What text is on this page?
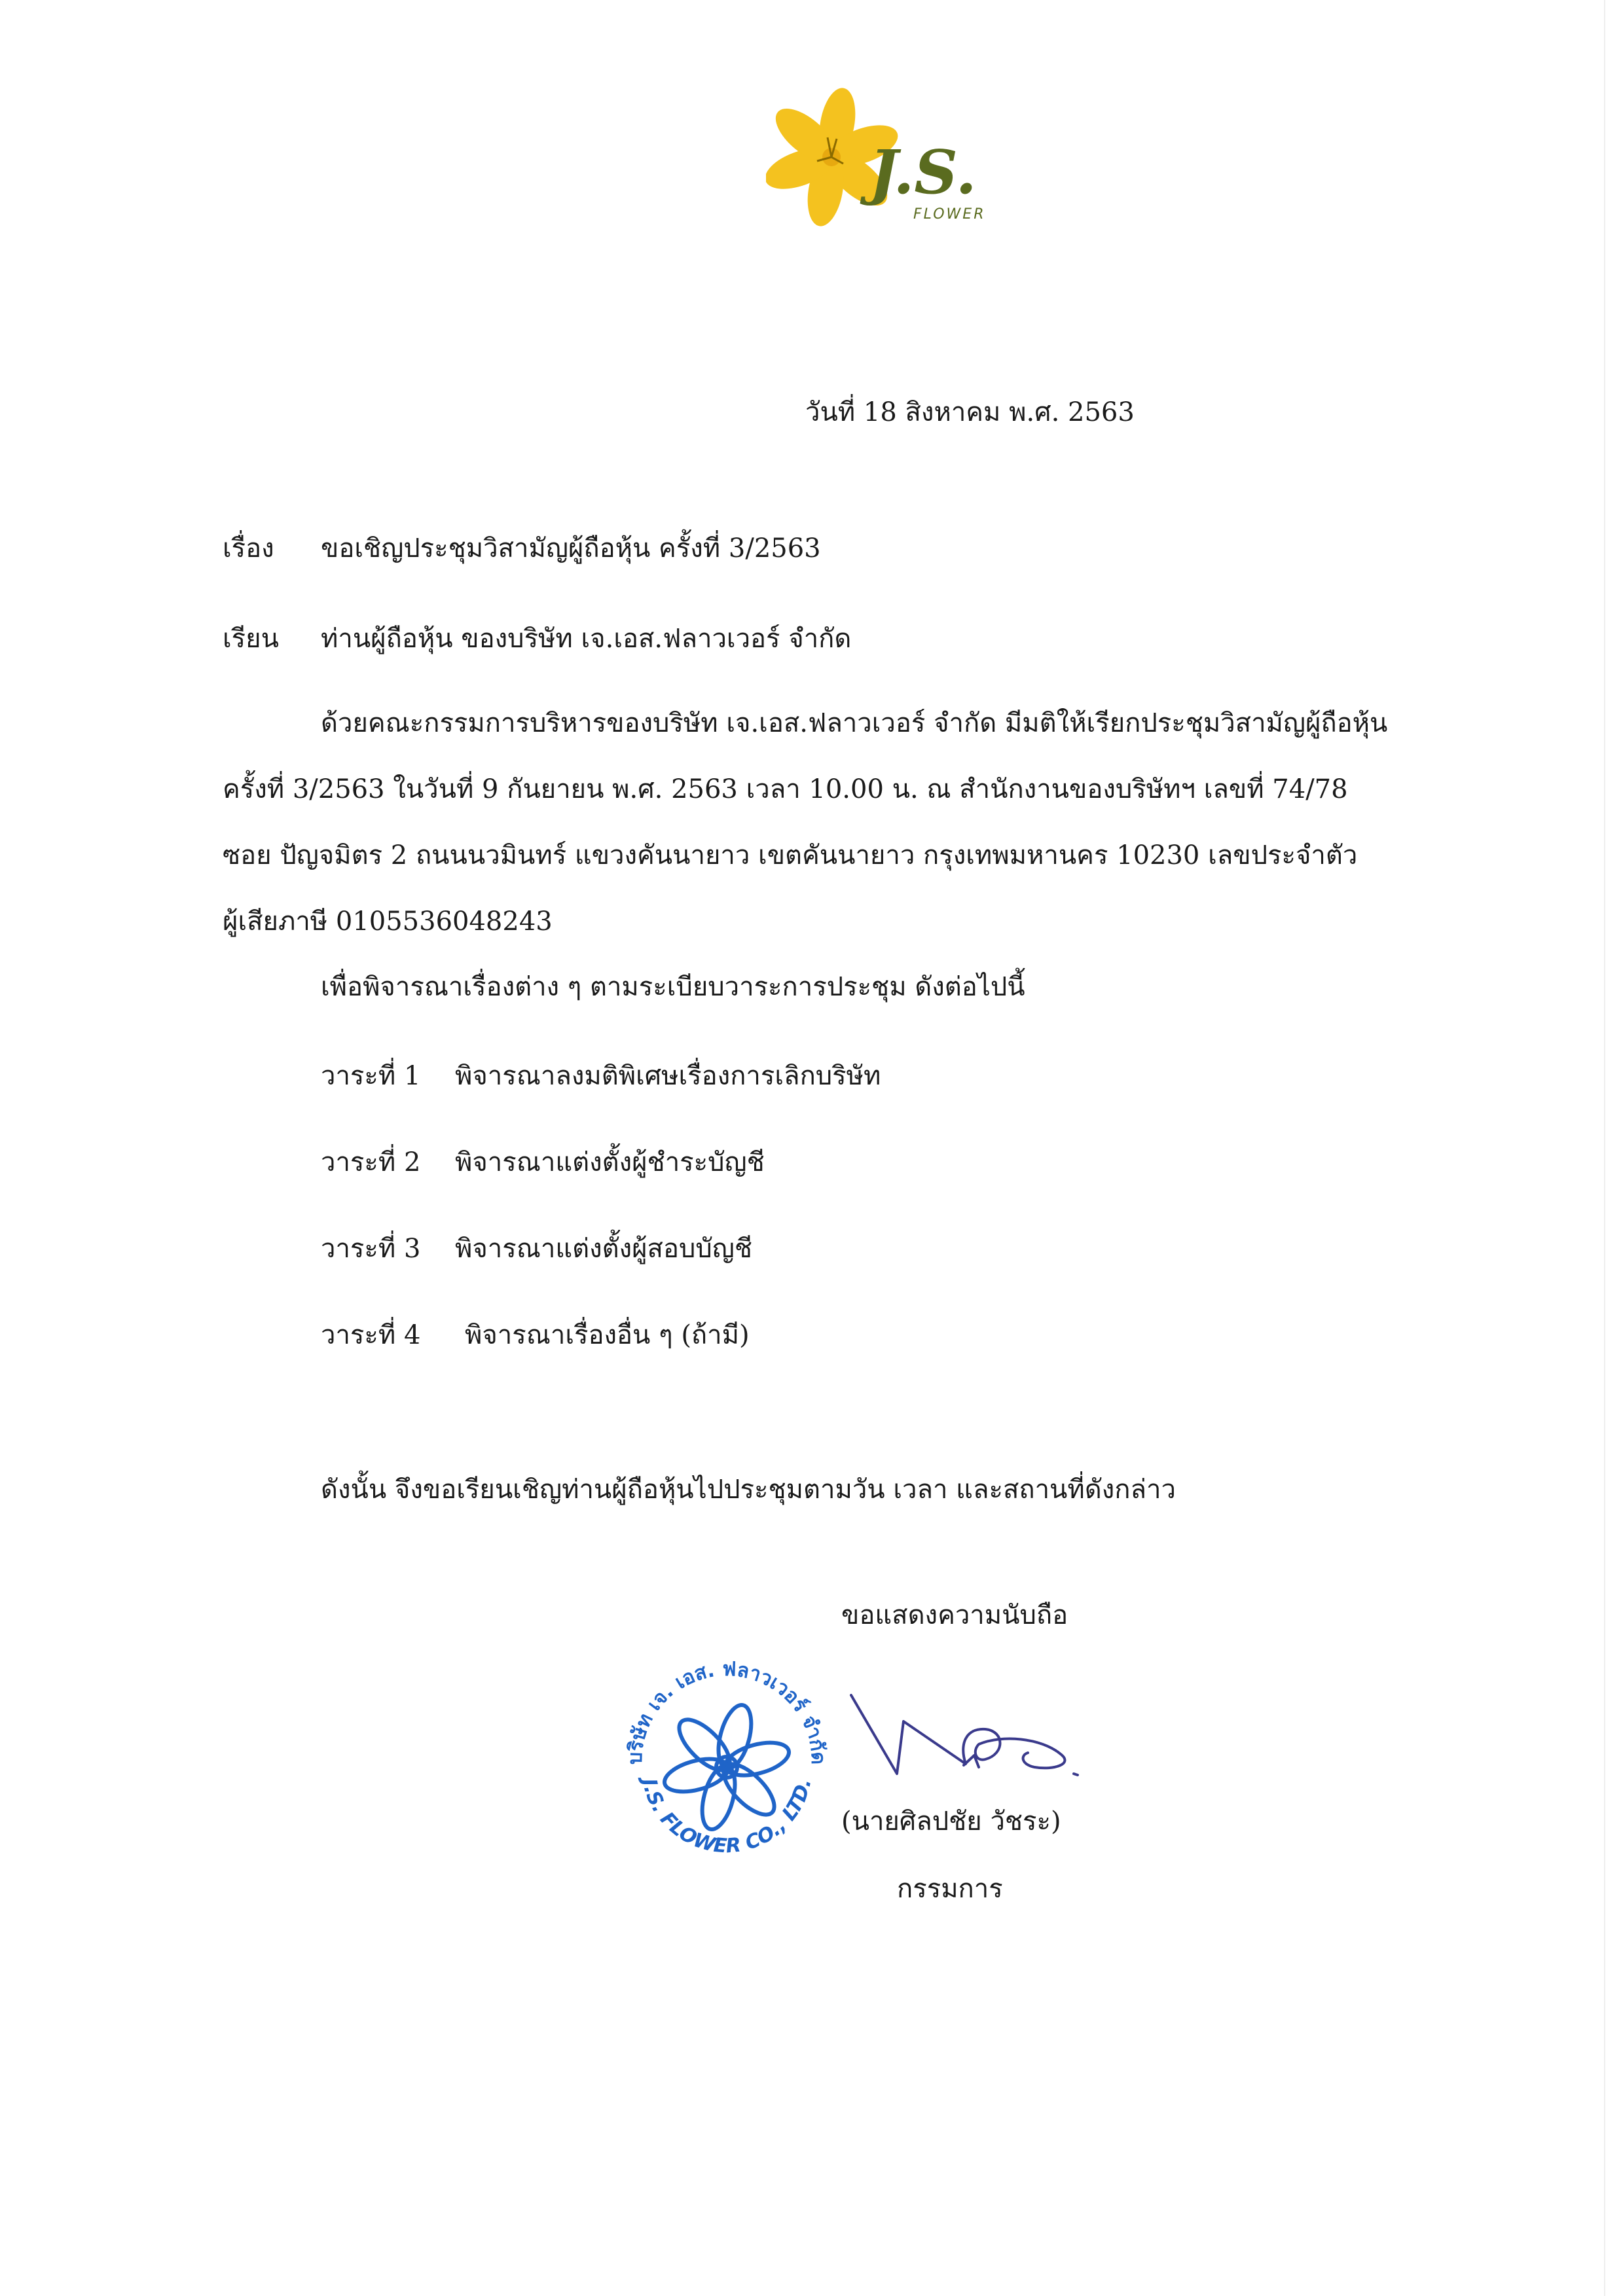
J.S.
FLOWER
วันที่ 18 สิงหาคม พ.ศ. 2563
เรื่อง ขอเชิญประชุมวิสามัญผู้ถือหุ้น ครั้งที่ 3/2563
เรียน ท่านผู้ถือหุ้น ของบริษัท เจ.เอส.ฟลาวเวอร์ จำกัด
ด้วยคณะกรรมการบริหารของบริษัท เจ.เอส.ฟลาวเวอร์ จำกัด มีมติให้เรียกประชุมวิสามัญผู้ถือหุ้น
ครั้งที่ 3/2563 ในวันที่ 9 กันยายน พ.ศ. 2563 เวลา 10.00 น. ณ สำนักงานของบริษัทฯ เลขที่ 74/78
ซอย ปัญจมิตร 2 ถนนนวมินทร์ แขวงคันนายาว เขตคันนายาว กรุงเทพมหานคร 10230 เลขประจำตัว
ผู้เสียภาษี 0105536048243
เพื่อพิจารณาเรื่องต่าง ๆ ตามระเบียบวาระการประชุม ดังต่อไปนี้
วาระที่ 1 พิจารณาลงมติพิเศษเรื่องการเลิกบริษัท
วาระที่ 2 พิจารณาแต่งตั้งผู้ชำระบัญชี
วาระที่ 3 พิจารณาแต่งตั้งผู้สอบบัญชี
วาระที่ 4 พิจารณาเรื่องอื่น ๆ (ถ้ามี)
ดังนั้น จึงขอเรียนเชิญท่านผู้ถือหุ้นไปประชุมตามวัน เวลา และสถานที่ดังกล่าว
ขอแสดงความนับถือ
บริษัท เจ. เอส. ฟลาวเวอร์ จำกัด
J.S. FLOWER CO., LTD.
(นายศิลปชัย วัชระ)
กรรมการ
